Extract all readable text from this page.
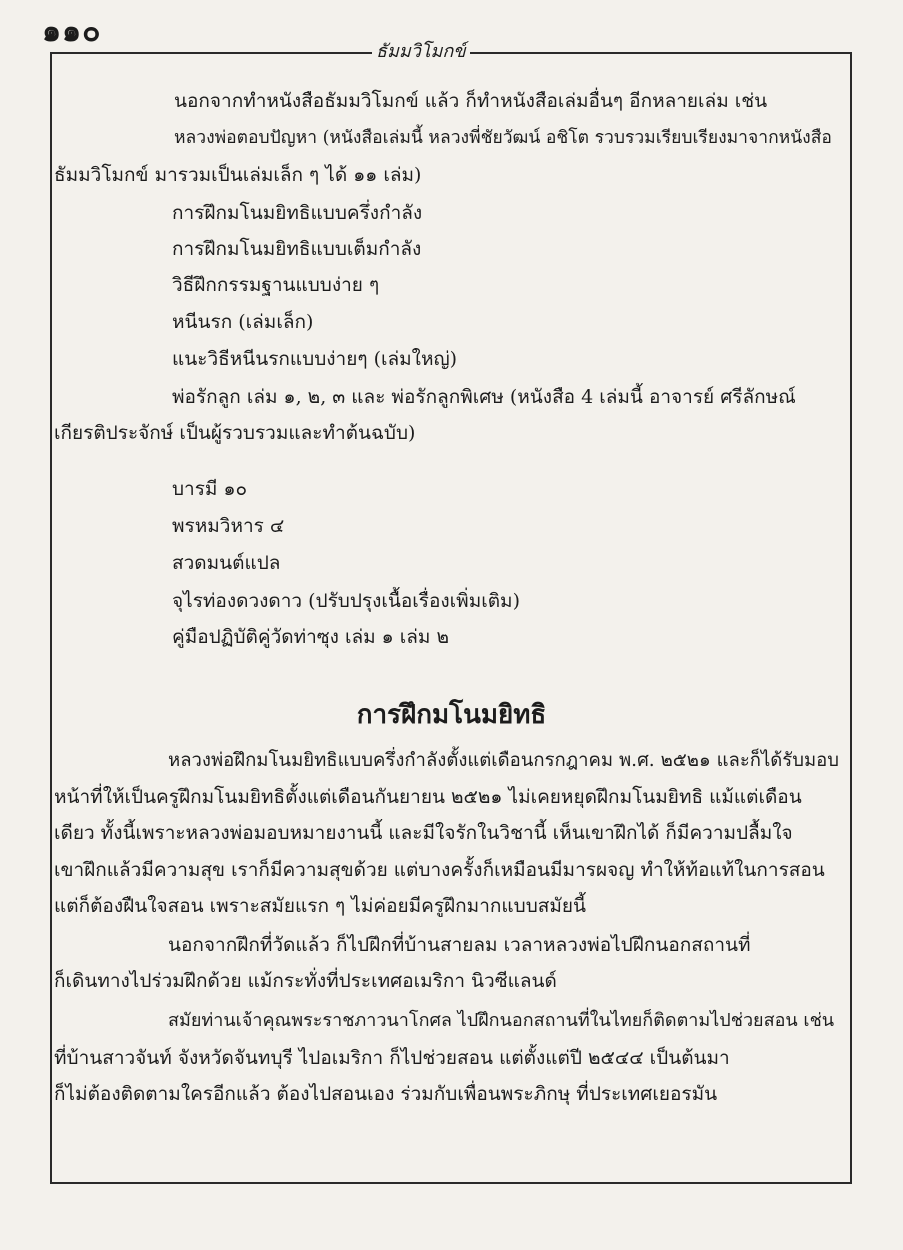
๑๑๐
ธัมมวิโมกข์
นอกจากทำหนังสือธัมมวิโมกข์ แล้ว ก็ทำหนังสือเล่มอื่นๆ อีกหลายเล่ม เช่น
หลวงพ่อตอบปัญหา (หนังสือเล่มนี้ หลวงพี่ชัยวัฒน์ อชิโต รวบรวมเรียบเรียงมาจากหนังสือ
ธัมมวิโมกข์ มารวมเป็นเล่มเล็ก ๆ ได้ ๑๑ เล่ม)
การฝึกมโนมยิทธิแบบครึ่งกำลัง
การฝึกมโนมยิทธิแบบเต็มกำลัง
วิธีฝึกกรรมฐานแบบง่าย ๆ
หนีนรก (เล่มเล็ก)
แนะวิธีหนีนรกแบบง่ายๆ (เล่มใหญ่)
พ่อรักลูก เล่ม ๑, ๒, ๓ และ พ่อรักลูกพิเศษ (หนังสือ 4 เล่มนี้ อาจารย์ ศรีลักษณ์
เกียรติประจักษ์ เป็นผู้รวบรวมและทำต้นฉบับ)
บารมี ๑๐
พรหมวิหาร ๔
สวดมนต์แปล
จุไรท่องดวงดาว (ปรับปรุงเนื้อเรื่องเพิ่มเติม)
คู่มือปฏิบัติคู่วัดท่าซุง เล่ม ๑ เล่ม ๒
การฝึกมโนมยิทธิ
หลวงพ่อฝึกมโนมยิทธิแบบครึ่งกำลังตั้งแต่เดือนกรกฎาคม พ.ศ. ๒๕๒๑ และก็ได้รับมอบ
หน้าที่ให้เป็นครูฝึกมโนมยิทธิตั้งแต่เดือนกันยายน ๒๕๒๑ ไม่เคยหยุดฝึกมโนมยิทธิ แม้แต่เดือน
เดียว ทั้งนี้เพราะหลวงพ่อมอบหมายงานนี้ และมีใจรักในวิชานี้ เห็นเขาฝึกได้ ก็มีความปลื้มใจ
เขาฝึกแล้วมีความสุข เราก็มีความสุขด้วย แต่บางครั้งก็เหมือนมีมารผจญ ทำให้ท้อแท้ในการสอน
แต่ก็ต้องฝืนใจสอน เพราะสมัยแรก ๆ ไม่ค่อยมีครูฝึกมากแบบสมัยนี้
นอกจากฝึกที่วัดแล้ว ก็ไปฝึกที่บ้านสายลม เวลาหลวงพ่อไปฝึกนอกสถานที่
ก็เดินทางไปร่วมฝึกด้วย แม้กระทั่งที่ประเทศอเมริกา นิวซีแลนด์
สมัยท่านเจ้าคุณพระราชภาวนาโกศล ไปฝึกนอกสถานที่ในไทยก็ติดตามไปช่วยสอน เช่น
ที่บ้านสาวจันท์ จังหวัดจันทบุรี ไปอเมริกา ก็ไปช่วยสอน แต่ตั้งแต่ปี ๒๕๔๔ เป็นต้นมา
ก็ไม่ต้องติดตามใครอีกแล้ว ต้องไปสอนเอง ร่วมกับเพื่อนพระภิกษุ ที่ประเทศเยอรมัน
